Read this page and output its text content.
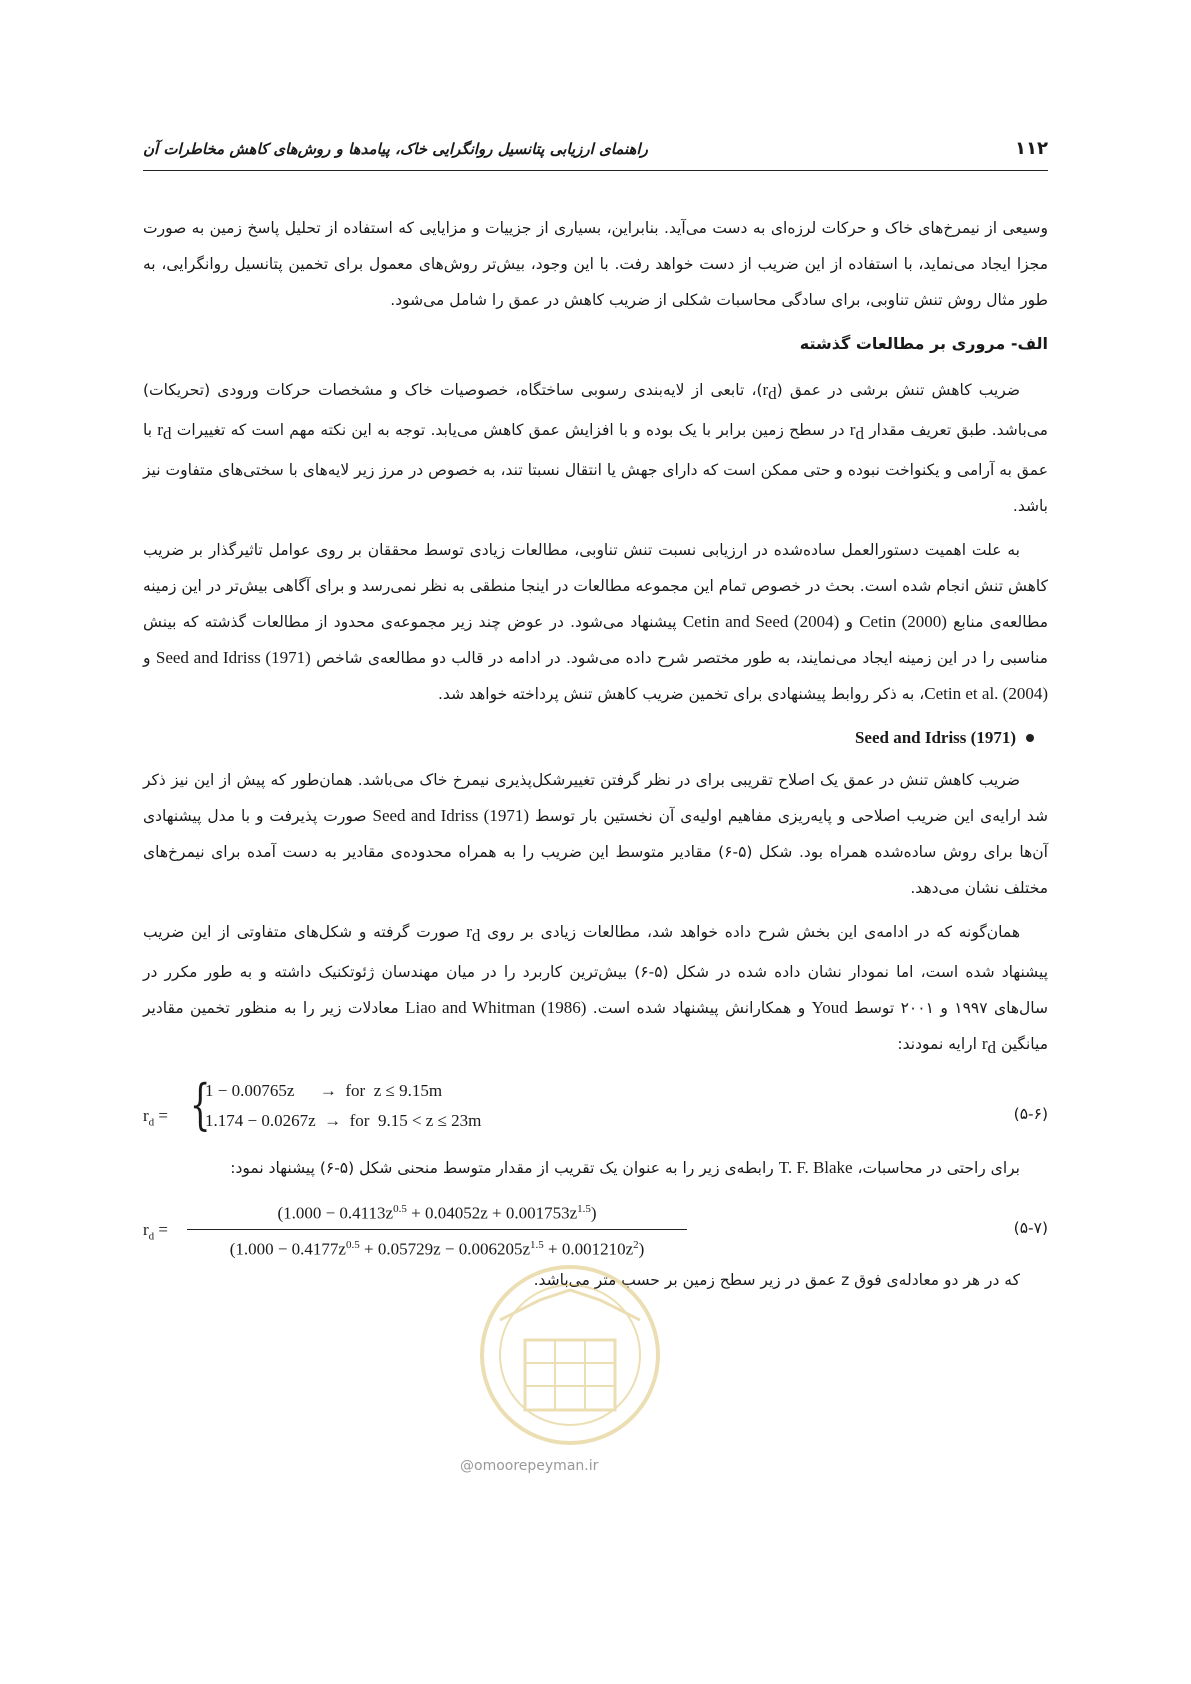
۱۱۲
راهنمای ارزیابی پتانسیل روانگرایی خاک، پیامدها و روش‌های کاهش مخاطرات آن

وسیعی از نیمرخ‌های خاک و حرکات لرزه‌ای به دست می‌آید. بنابراین، بسیاری از جزییات و مزایایی که استفاده از تحلیل پاسخ زمین به صورت مجزا ایجاد می‌نماید، با استفاده از این ضریب از دست خواهد رفت. با این وجود، بیش‌تر روش‌های معمول برای تخمین پتانسیل روانگرایی، به طور مثال روش تنش تناوبی، برای سادگی محاسبات شکلی از ضریب کاهش در عمق را شامل می‌شود.

الف- مروری بر مطالعات گذشته

ضریب کاهش تنش برشی در عمق $(r_d)،$ تابعی از لایه‌بندی رسوبی ساختگاه، خصوصیات خاک و مشخصات حرکات ورودی (تحریکات) می‌باشد. طبق تعریف مقدار $r_d$ در سطح زمین برابر با یک بوده و با افزایش عمق کاهش می‌یابد. توجه به این نکته مهم است که تغییرات $r_d$ با عمق به آرامی و یکنواخت نبوده و حتی ممکن است که دارای جهش یا انتقال نسبتا تند، به خصوص در مرز زیر لایه‌های با سختی‌های متفاوت نیز باشد.

به علت اهمیت دستورالعمل ساده‌شده در ارزیابی نسبت تنش تناوبی، مطالعات زیادی توسط محققان بر روی عوامل تاثیرگذار بر ضریب کاهش تنش انجام شده است. بحث در خصوص تمام این مجموعه مطالعات در اینجا منطقی به نظر نمی‌رسد و برای آگاهی بیش‌تر در این زمینه مطالعه‌ی منابع Cetin (2000) و Cetin and Seed (2004) پیشنهاد می‌شود. در عوض چند زیر مجموعه‌ی محدود از مطالعات گذشته که بینش مناسبی را در این زمینه ایجاد می‌نمایند، به طور مختصر شرح داده می‌شود. در ادامه در قالب دو مطالعه‌ی شاخص Seed and Idriss (1971) و Cetin et al. (2004)، به ذکر روابط پیشنهادی برای تخمین ضریب کاهش تنش پرداخته خواهد شد.

Seed and Idriss (1971)

ضریب کاهش تنش در عمق یک اصلاح تقریبی برای در نظر گرفتن تغییرشکل‌پذیری نیمرخ خاک می‌باشد. همان‌طور که پیش از این نیز ذکر شد ارایه‌ی این ضریب اصلاحی و پایه‌ریزی مفاهیم اولیه‌ی آن نخستین بار توسط Seed and Idriss (1971) صورت پذیرفت و با مدل پیشنهادی آن‌ها برای روش ساده‌شده همراه بود. شکل (۵-۶) مقادیر متوسط این ضریب را به همراه محدوده‌ی مقادیر به دست آمده برای نیمرخ‌های مختلف نشان می‌دهد.

همان‌گونه که در ادامه‌ی این بخش شرح داده خواهد شد، مطالعات زیادی بر روی $r_d$ صورت گرفته و شکل‌های متفاوتی از این ضریب پیشنهاد شده است، اما نمودار نشان داده شده در شکل (۵-۶) بیش‌ترین کاربرد را در میان مهندسان ژئوتکنیک داشته و به طور مکرر در سال‌های ۱۹۹۷ و ۲۰۰۱ توسط Youd و همکارانش پیشنهاد شده است. Liao and Whitman (1986) معادلات زیر را به منظور تخمین مقادیر میانگین $r_d$ ارایه نمودند:

$r_d$ = {
1 − 0.00765z      →  for  z ≤ 9.15m
1.174 − 0.0267z  →  for  9.15 < z ≤ 23m	(۵-۶)

برای راحتی در محاسبات، T. F. Blake رابطه‌ی زیر را به عنوان یک تقریب از مقدار متوسط منحنی شکل (۵-۶) پیشنهاد نمود:

$r_d$ =
$(1.000 - 0.4113z^{0.5} + 0.04052z + 0.001753z^{1.5})$
$(1.000 - 0.4177z^{0.5} + 0.05729z - 0.006205z^{1.5} + 0.001210z^2)$
(۵-۷)

که در هر دو معادله‌ی فوق z عمق در زیر سطح زمین بر حسب متر می‌باشد.

@omoorepeyman.ir
